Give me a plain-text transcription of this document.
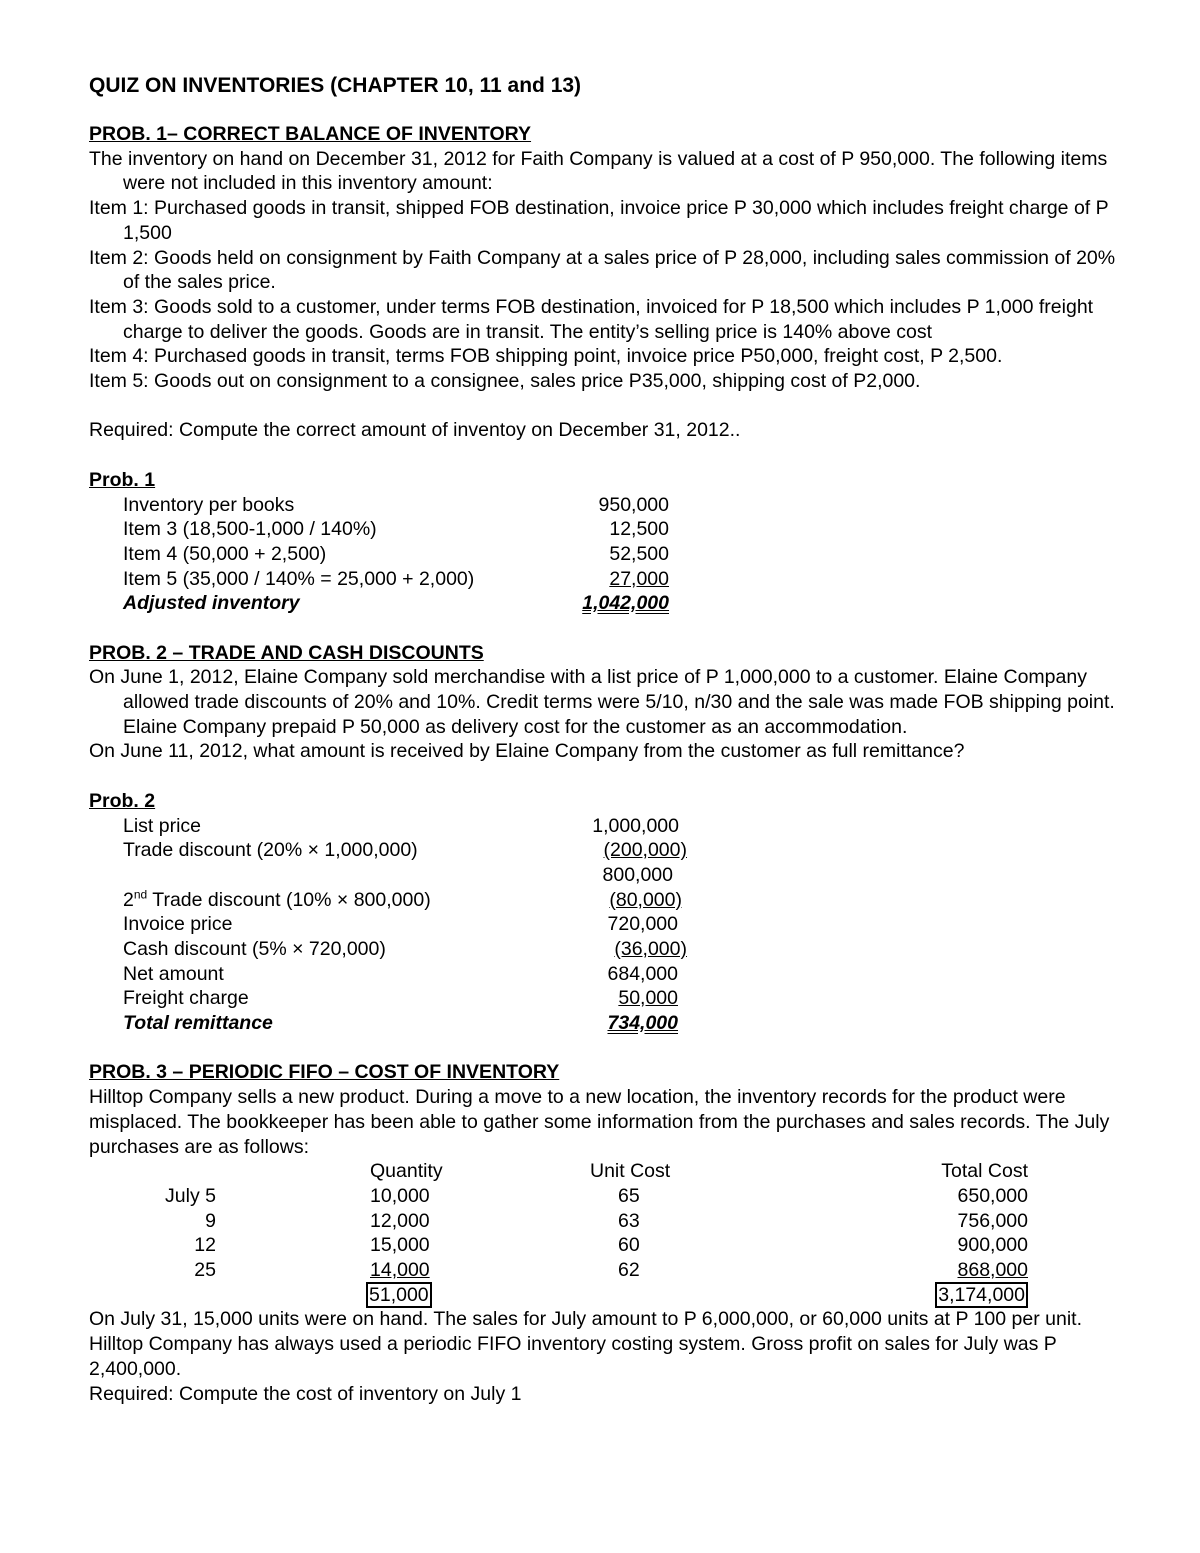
QUIZ ON INVENTORIES (CHAPTER 10, 11 and 13)
PROB. 1– CORRECT BALANCE OF INVENTORY

The inventory on hand on December 31, 2012 for Faith Company is valued at a cost of P 950,000. The following items were not included in this inventory amount:

Item 1: Purchased goods in transit, shipped FOB destination, invoice price P 30,000 which includes freight charge of P 1,500

Item 2: Goods held on consignment by Faith Company at a sales price of P 28,000, including sales commission of 20% of the sales price.

Item 3: Goods sold to a customer, under terms FOB destination, invoiced for P 18,500 which includes P 1,000 freight charge to deliver the goods. Goods are in transit. The entity’s selling price is 140% above cost

Item 4: Purchased goods in transit, terms FOB shipping point, invoice price P50,000, freight cost, P 2,500.

Item 5: Goods out on consignment to a consignee, sales price P35,000, shipping cost of P2,000.

Required: Compute the correct amount of inventoy on December 31, 2012..

Prob. 1
Inventory per books	950,000
Item 3 (18,500-1,000 / 140%)	12,500
Item 4 (50,000 + 2,500)	52,500
Item 5 (35,000 / 140% = 25,000 + 2,000)	27,000
Adjusted inventory	1,042,000
PROB. 2 – TRADE AND CASH DISCOUNTS

On June 1, 2012, Elaine Company sold merchandise with a list price of P 1,000,000 to a customer. Elaine Company allowed trade discounts of 20% and 10%. Credit terms were 5/10, n/30 and the sale was made FOB shipping point. Elaine Company prepaid P 50,000 as delivery cost for the customer as an accommodation.

On June 11, 2012, what amount is received by Elaine Company from the customer as full remittance?

Prob. 2
List price	1,000,000
Trade discount (20% × 1,000,000)	(200,000)
800,000
2nd Trade discount (10% × 800,000)	(80,000)
Invoice price	720,000
Cash discount (5% × 720,000)	(36,000)
Net amount	684,000
Freight charge	50,000
Total remittance	734,000
PROB. 3 – PERIODIC FIFO – COST OF INVENTORY

Hilltop Company sells a new product. During a move to a new location, the inventory records for the product were misplaced. The bookkeeper has been able to gather some information from the purchases and sales records. The July purchases are as follows:

	Quantity	Unit Cost	Total Cost
July 5	10,000	65	650,000
9	12,000	63	756,000
12	15,000	60	900,000
25	14,000	62	868,000
	51,000		3,174,000

On July 31, 15,000 units were on hand. The sales for July amount to P 6,000,000, or 60,000 units at P 100 per unit. Hilltop Company has always used a periodic FIFO inventory costing system. Gross profit on sales for July was P 2,400,000.

Required: Compute the cost of inventory on July 1
